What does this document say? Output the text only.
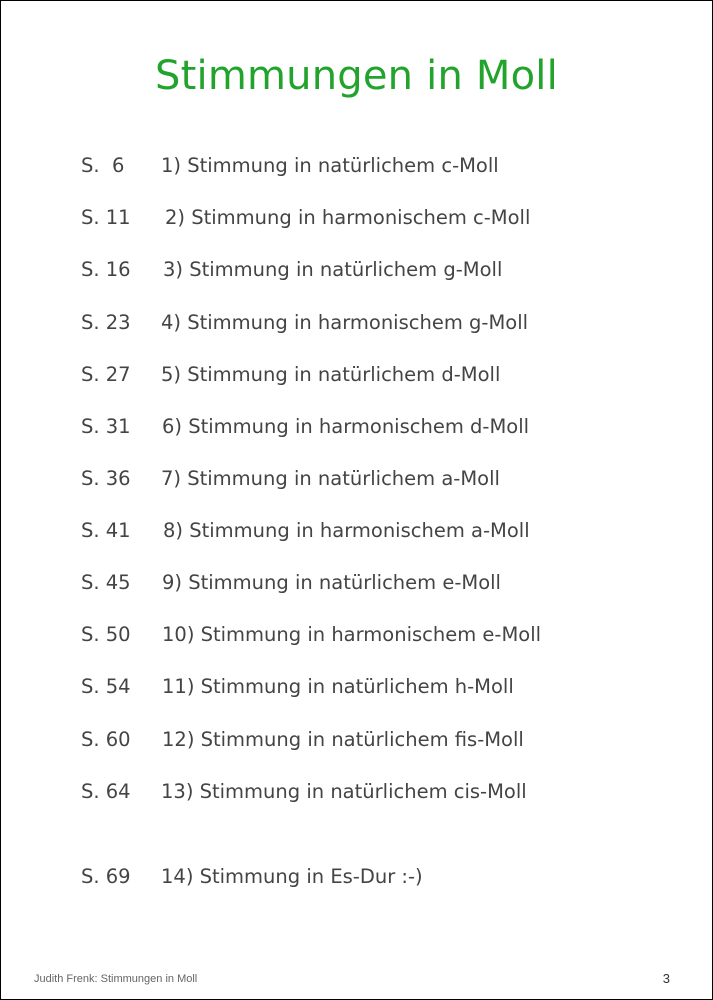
Stimmungen in Moll
S.  6 1) Stimmung in natürlichem c-Moll
S. 11 2) Stimmung in harmonischem c-Moll
S. 16 3) Stimmung in natürlichem g-Moll
S. 23 4) Stimmung in harmonischem g-Moll
S. 27 5) Stimmung in natürlichem d-Moll
S. 31 6) Stimmung in harmonischem d-Moll
S. 36 7) Stimmung in natürlichem a-Moll
S. 41 8) Stimmung in harmonischem a-Moll
S. 45 9) Stimmung in natürlichem e-Moll
S. 50 10) Stimmung in harmonischem e-Moll
S. 54 11) Stimmung in natürlichem h-Moll
S. 60 12) Stimmung in natürlichem fis-Moll
S. 64 13) Stimmung in natürlichem cis-Moll
S. 69 14) Stimmung in Es-Dur :-)
Judith Frenk: Stimmungen in Moll	3
